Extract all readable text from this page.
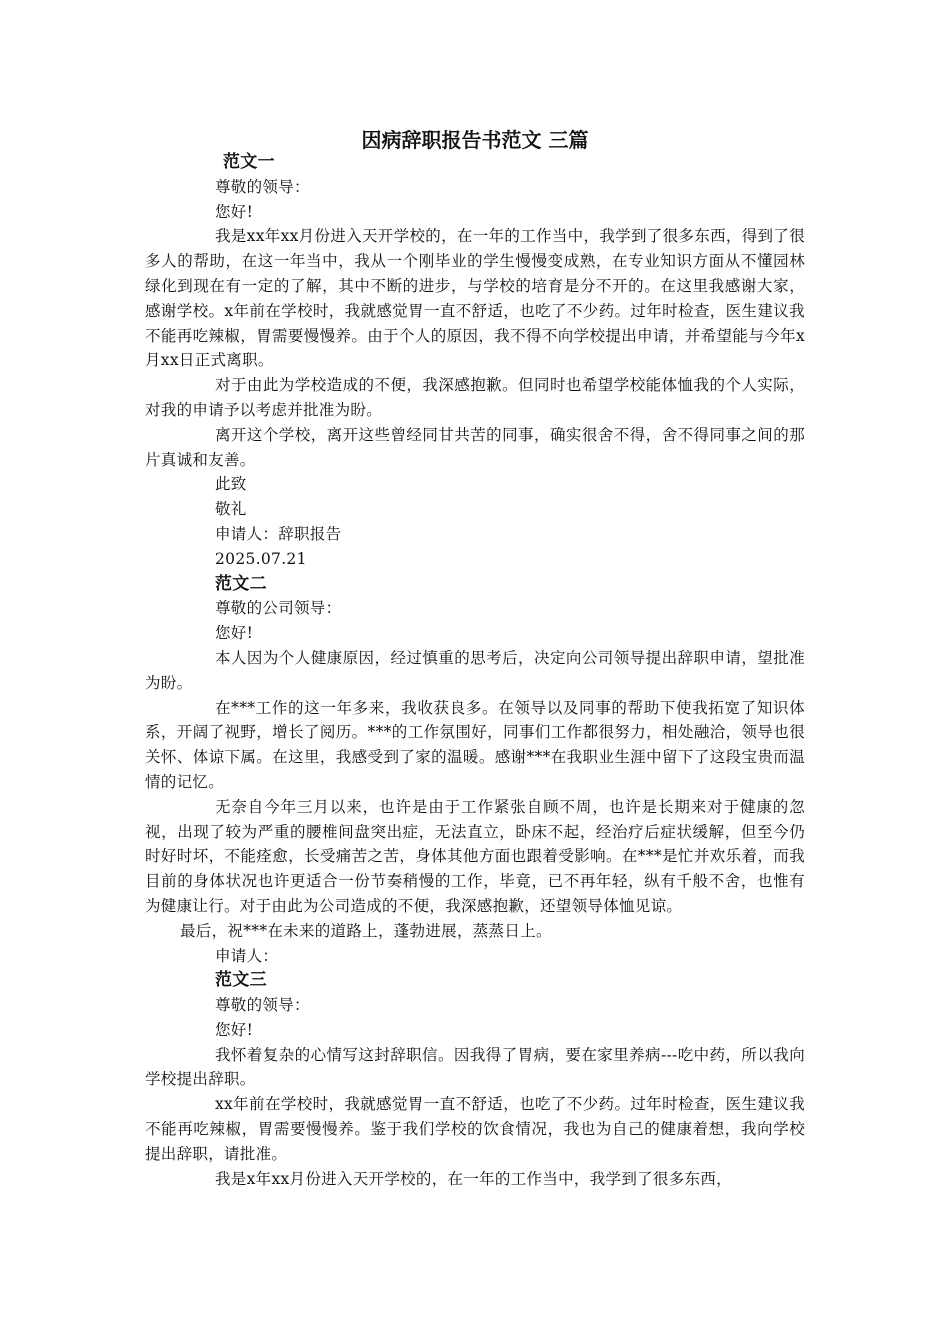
因病辞职报告书范文 三篇

范文一

尊敬的领导：

您好!

我是xx年xx月份进入天开学校的，在一年的工作当中，我学到了很多东西，得到了很多人的帮助，在这一年当中，我从一个刚毕业的学生慢慢变成熟，在专业知识方面从不懂园林绿化到现在有一定的了解，其中不断的进步，与学校的培育是分不开的。在这里我感谢大家，感谢学校。x年前在学校时，我就感觉胃一直不舒适，也吃了不少药。过年时检查，医生建议我不能再吃辣椒，胃需要慢慢养。由于个人的原因，我不得不向学校提出申请，并希望能与今年x月xx日正式离职。

对于由此为学校造成的不便，我深感抱歉。但同时也希望学校能体恤我的个人实际，对我的申请予以考虑并批准为盼。

离开这个学校，离开这些曾经同甘共苦的同事，确实很舍不得，舍不得同事之间的那片真诚和友善。

此致

敬礼

申请人：辞职报告

2025.07.21

范文二

尊敬的公司领导：

您好!

本人因为个人健康原因，经过慎重的思考后，决定向公司领导提出辞职申请，望批准为盼。

在***工作的这一年多来，我收获良多。在领导以及同事的帮助下使我拓宽了知识体系，开阔了视野，增长了阅历。***的工作氛围好，同事们工作都很努力，相处融洽，领导也很关怀、体谅下属。在这里，我感受到了家的温暖。感谢***在我职业生涯中留下了这段宝贵而温情的记忆。

无奈自今年三月以来，也许是由于工作紧张自顾不周，也许是长期来对于健康的忽视，出现了较为严重的腰椎间盘突出症，无法直立，卧床不起，经治疗后症状缓解，但至今仍时好时坏，不能痊愈，长受痛苦之苦，身体其他方面也跟着受影响。在***是忙并欢乐着，而我目前的身体状况也许更适合一份节奏稍慢的工作，毕竟，已不再年轻，纵有千般不舍，也惟有为健康让行。对于由此为公司造成的不便，我深感抱歉，还望领导体恤见谅。

最后，祝***在未来的道路上，蓬勃进展，蒸蒸日上。

申请人：

范文三

尊敬的领导：

您好!

我怀着复杂的心情写这封辞职信。因我得了胃病，要在家里养病---吃中药，所以我向学校提出辞职。

xx年前在学校时，我就感觉胃一直不舒适，也吃了不少药。过年时检查，医生建议我不能再吃辣椒，胃需要慢慢养。鉴于我们学校的饮食情况，我也为自己的健康着想，我向学校提出辞职，请批准。

我是x年xx月份进入天开学校的，在一年的工作当中，我学到了很多东西，
